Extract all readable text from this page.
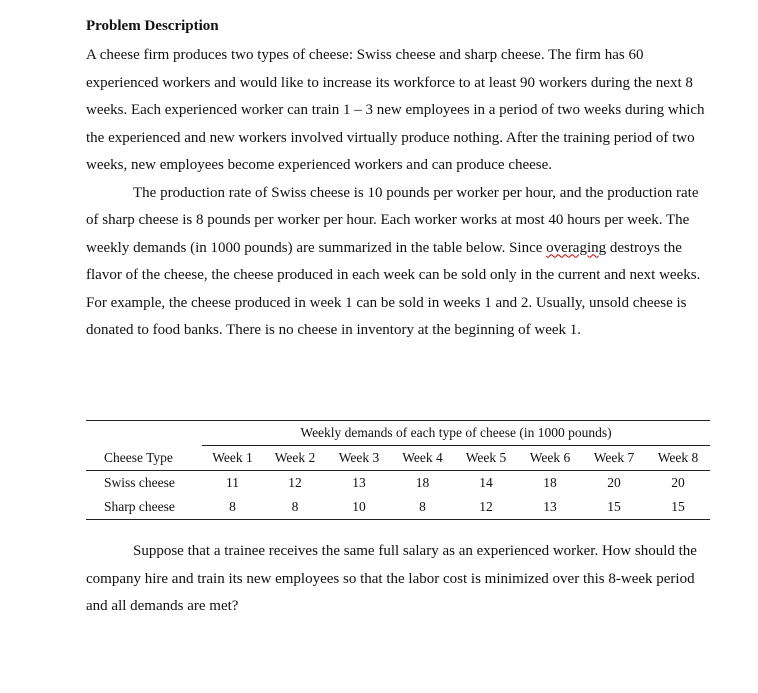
Problem Description

A cheese firm produces two types of cheese: Swiss cheese and sharp cheese. The firm has 60 experienced workers and would like to increase its workforce to at least 90 workers during the next 8 weeks. Each experienced worker can train 1 – 3 new employees in a period of two weeks during which the experienced and new workers involved virtually produce nothing. After the training period of two weeks, new employees become experienced workers and can produce cheese.

The production rate of Swiss cheese is 10 pounds per worker per hour, and the production rate of sharp cheese is 8 pounds per worker per hour. Each worker works at most 40 hours per week. The weekly demands (in 1000 pounds) are summarized in the table below. Since overaging destroys the flavor of the cheese, the cheese produced in each week can be sold only in the current and next weeks. For example, the cheese produced in week 1 can be sold in weeks 1 and 2. Usually, unsold cheese is donated to food banks. There is no cheese in inventory at the beginning of week 1.

	Weekly demands of each type of cheese (in 1000 pounds)							
Cheese Type	Week 1	Week 2	Week 3	Week 4	Week 5	Week 6	Week 7	Week 8
Swiss cheese	11	12	13	18	14	18	20	20
Sharp cheese	8	8	10	8	12	13	15	15

Suppose that a trainee receives the same full salary as an experienced worker. How should the company hire and train its new employees so that the labor cost is minimized over this 8-week period and all demands are met?
